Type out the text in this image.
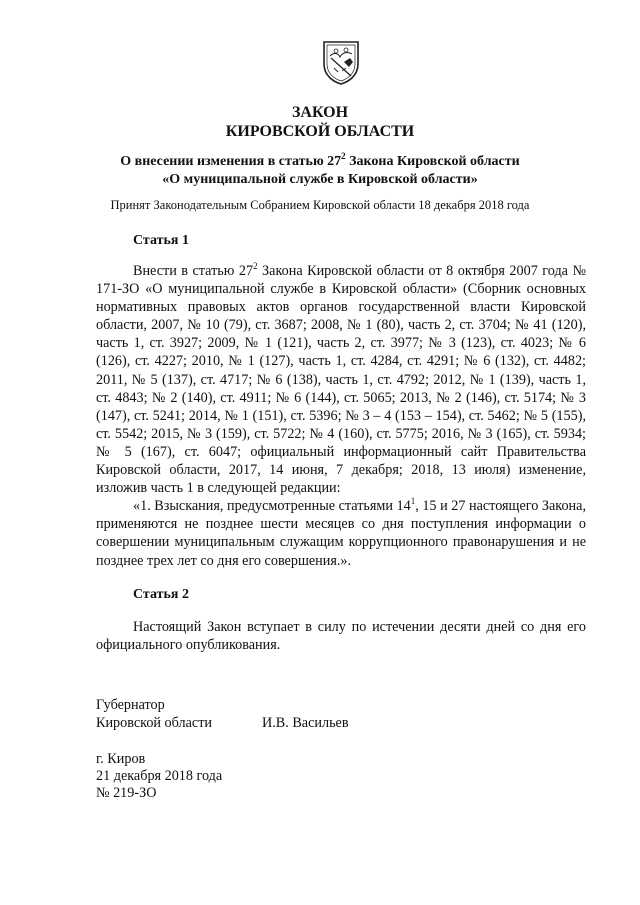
ЗАКОН
КИРОВСКОЙ ОБЛАСТИ
О внесении изменения в статью $27^2$ Закона Кировской области
«О муниципальной службе в Кировской области»
Принят Законодательным Собранием Кировской области 18 декабря 2018 года
Статья 1

Внести в статью $27^2$ Закона Кировской области от 8 октября 2007 года № 171-ЗО «О муниципальной службе в Кировской области» (Сборник основных нормативных правовых актов органов государственной власти Кировской области, 2007, № 10 (79), ст. 3687; 2008, № 1 (80), часть 2, ст. 3704; № 41 (120), часть 1, ст. 3927; 2009, № 1 (121), часть 2, ст. 3977; № 3 (123), ст. 4023; № 6 (126), ст. 4227; 2010, № 1 (127), часть 1, ст. 4284, ст. 4291; № 6 (132), ст. 4482; 2011, № 5 (137), ст. 4717; № 6 (138), часть 1, ст. 4792; 2012, № 1 (139), часть 1, ст. 4843; № 2 (140), ст. 4911; № 6 (144), ст. 5065; 2013, № 2 (146), ст. 5174; № 3 (147), ст. 5241; 2014, № 1 (151), ст. 5396; № 3 – 4 (153 – 154), ст. 5462; № 5 (155), ст. 5542; 2015, № 3 (159), ст. 5722; № 4 (160), ст. 5775; 2016, № 3 (165), ст. 5934; № 5 (167), ст. 6047; официальный информационный сайт Правительства Кировской области, 2017, 14 июня, 7 декабря; 2018, 13 июля) изменение, изложив часть 1 в следующей редакции:

«1. Взыскания, предусмотренные статьями $14^1$, 15 и 27 настоящего Закона, применяются не позднее шести месяцев со дня поступления информации о совершении муниципальным служащим коррупционного правонарушения и не позднее трех лет со дня его совершения.».

Статья 2

Настоящий Закон вступает в силу по истечении десяти дней со дня его официального опубликования.

Губернатор
Кировской области	И.В. Васильев
г. Киров
21 декабря 2018 года
№ 219-ЗО
